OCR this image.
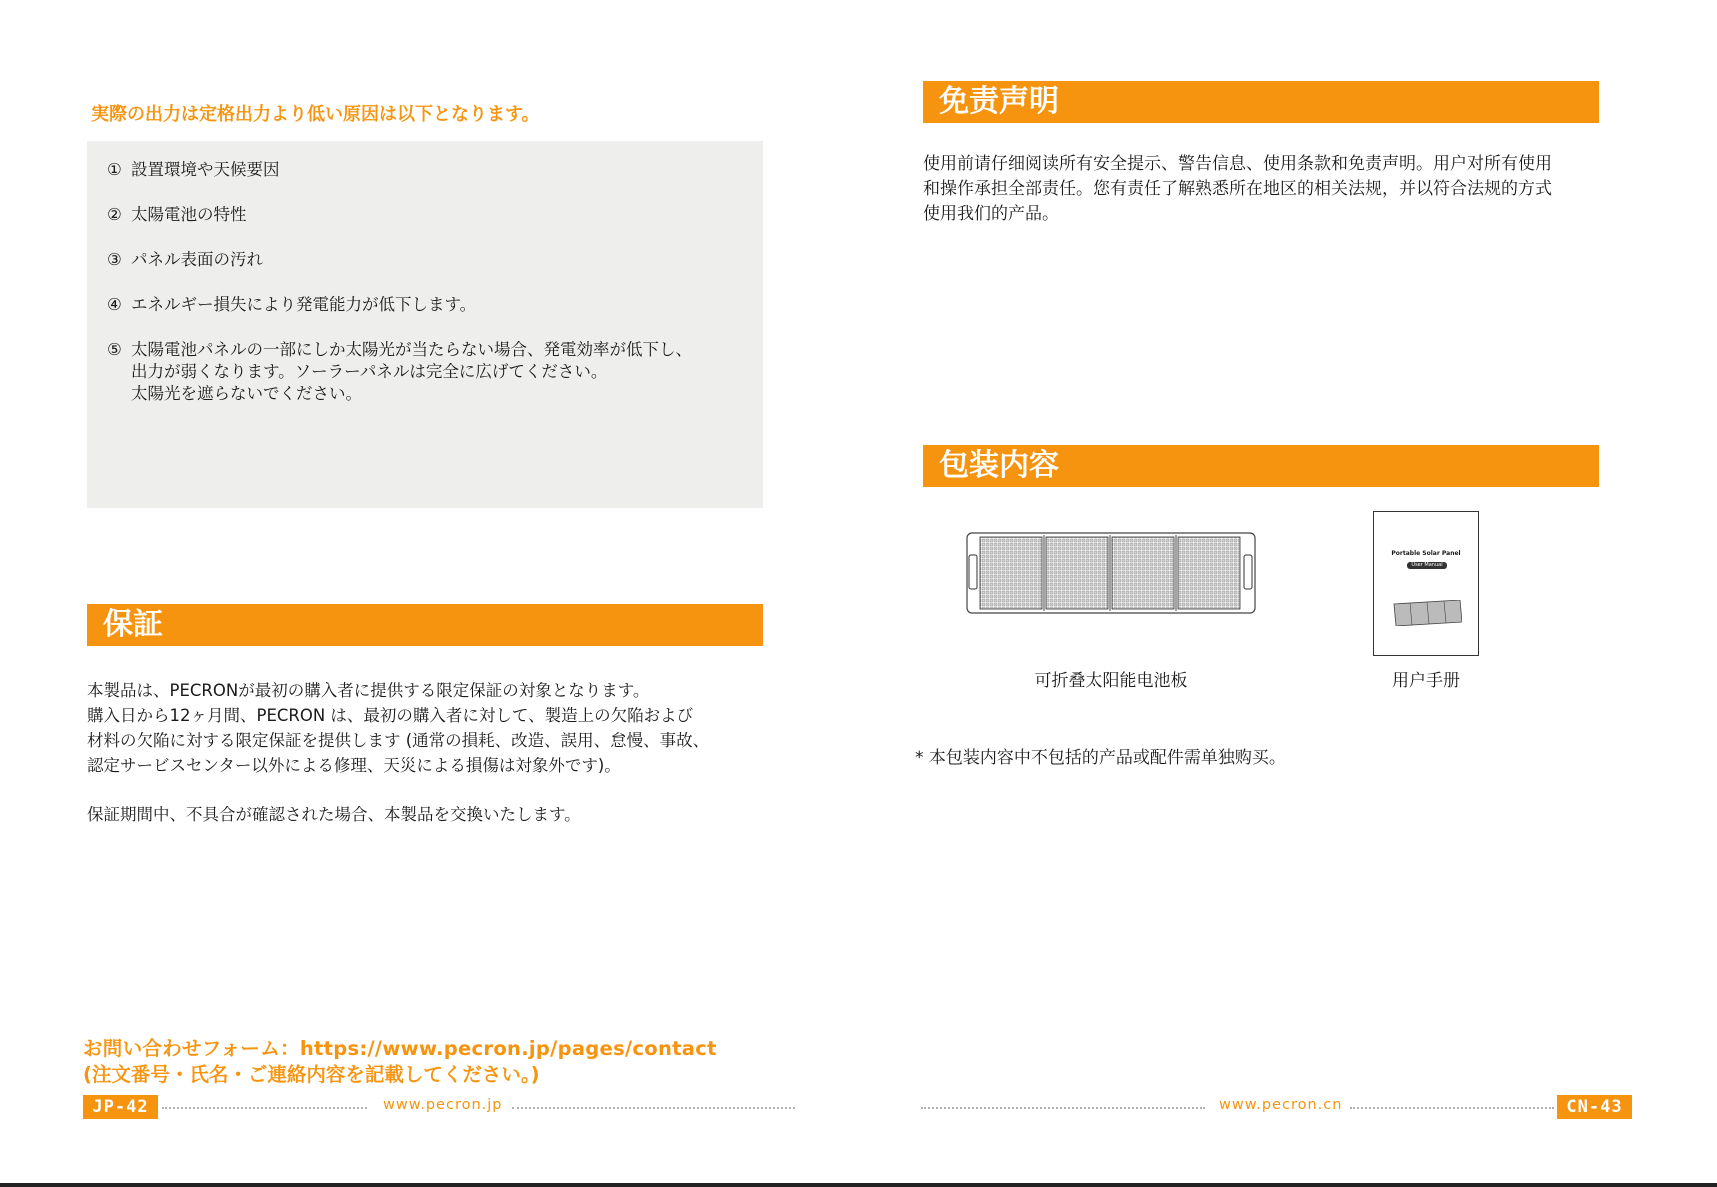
実際の出力は定格出力より低い原因は以下となります。
① 設置環境や天候要因
② 太陽電池の特性
③ パネル表面の汚れ
④ エネルギー損失により発電能力が低下します。
⑤ 太陽電池パネルの一部にしか太陽光が当たらない場合、発電効率が低下し、
出力が弱くなります。ソーラーパネルは完全に広げてください。
太陽光を遮らないでください。
保証
本製品は、PECRONが最初の購入者に提供する限定保証の対象となります。
購入日から12ヶ月間、PECRON は、最初の購入者に対して、製造上の欠陥および
材料の欠陥に対する限定保証を提供します (通常の損耗、改造、誤用、怠慢、事故、
認定サービスセンター以外による修理、天災による損傷は対象外です)。
保証期間中、不具合が確認された場合、本製品を交換いたします。
お問い合わせフォーム：https://www.pecron.jp/pages/contact
(注文番号・氏名・ご連絡内容を記載してください。)
JP-42	www.pecron.jp
免责声明
使用前请仔细阅读所有安全提示、警告信息、使用条款和免责声明。用户对所有使用
和操作承担全部责任。您有责任了解熟悉所在地区的相关法规，并以符合法规的方式
使用我们的产品。
包装内容
可折叠太阳能电池板
Portable Solar Panel
User Manual
用户手册
* 本包装内容中不包括的产品或配件需单独购买。
www.pecron.cn	CN-43
